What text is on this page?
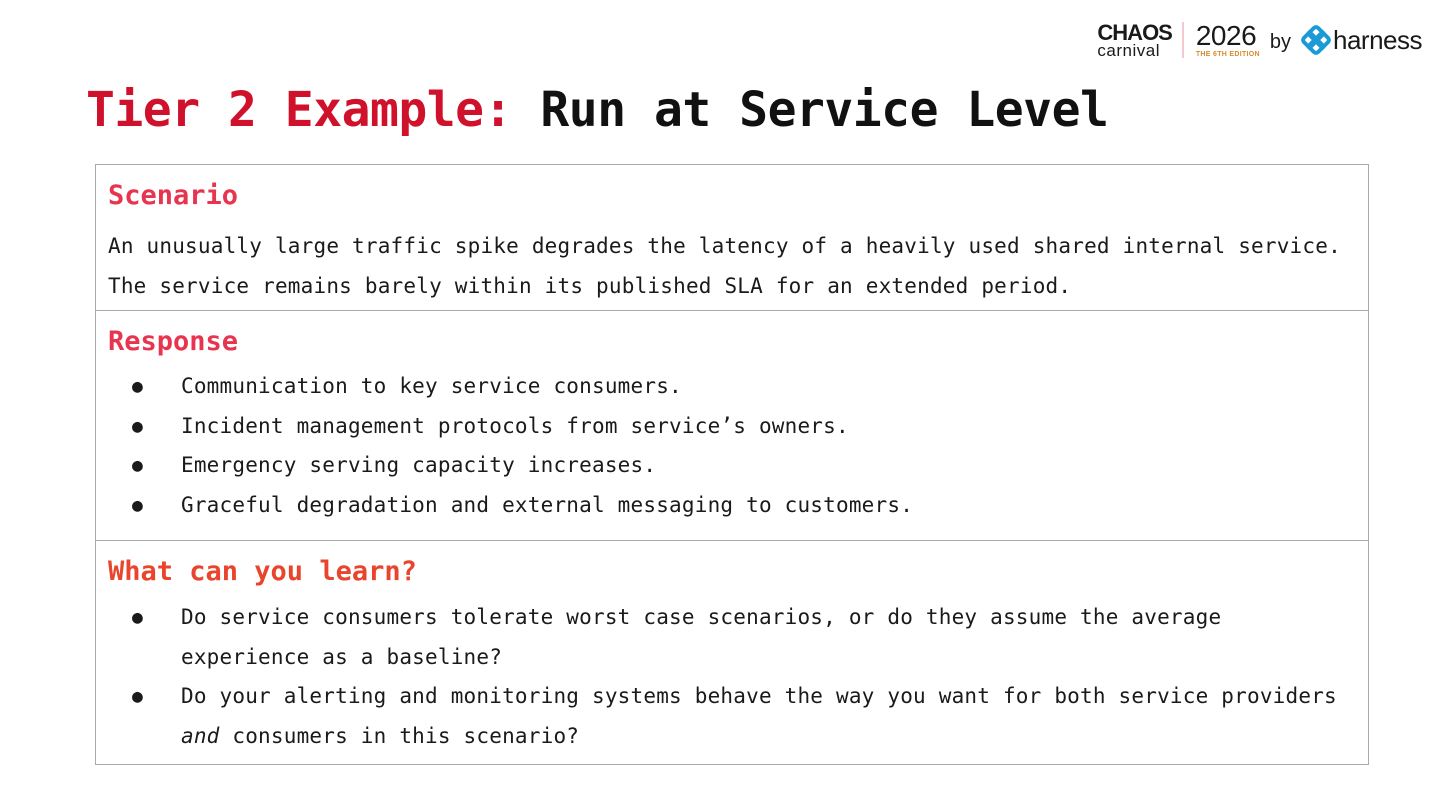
CHAOS
carnival	2026
THE 6TH EDITION
by harness
Tier 2 Example: Run at Service Level
Scenario

An unusually large traffic spike degrades the latency of a heavily used shared internal service. The service remains barely within its published SLA for an extended period.

Response
● Communication to key service consumers.
● Incident management protocols from service’s owners.
● Emergency serving capacity increases.
● Graceful degradation and external messaging to customers.
What can you learn?
● Do service consumers tolerate worst case scenarios, or do they assume the average experience as a baseline?
● Do your alerting and monitoring systems behave the way you want for both service providers and consumers in this scenario?
